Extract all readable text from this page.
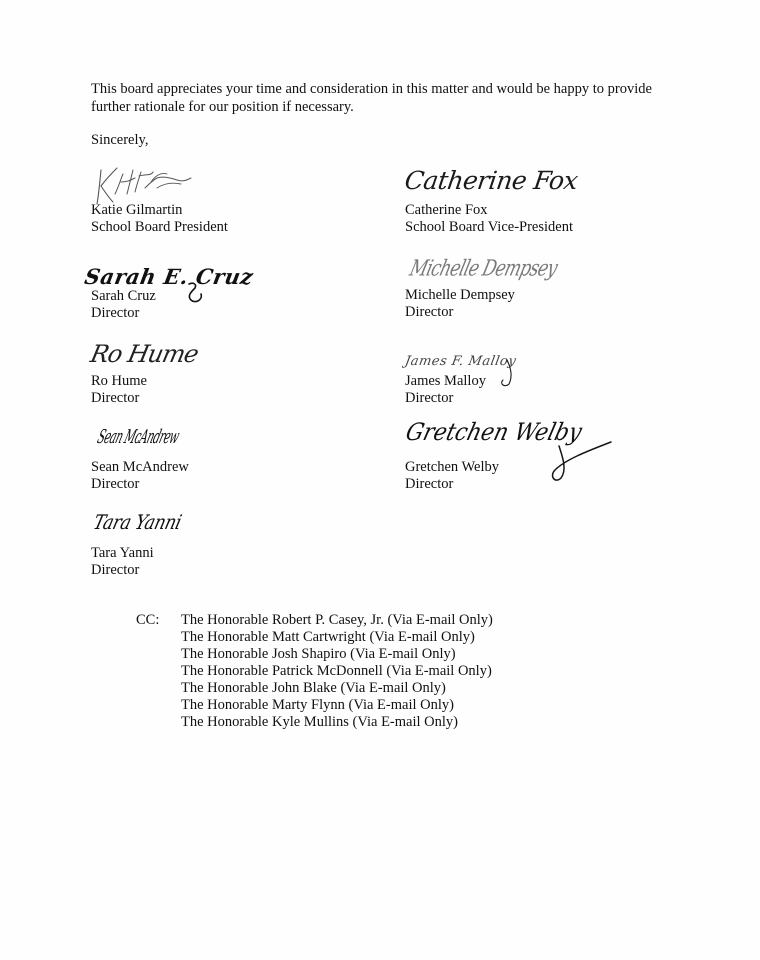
This board appreciates your time and consideration in this matter and would be happy to provide further rationale for our position if necessary.

Sincerely,
Katie Gilmartin
School Board President
Catherine Fox
Catherine Fox
School Board Vice-President
Sarah E. Cruz
Sarah Cruz
Director
Michelle Dempsey
Michelle Dempsey
Director
Ro Hume
Ro Hume
Director
James F. Malloy
James Malloy
Director
Sean McAndrew
Sean McAndrew
Director
Gretchen Welby
Gretchen Welby
Director
Tara Yanni
Tara Yanni
Director
CC:	The Honorable Robert P. Casey, Jr. (Via E-mail Only)
The Honorable Matt Cartwright (Via E-mail Only)
The Honorable Josh Shapiro (Via E-mail Only)
The Honorable Patrick McDonnell (Via E-mail Only)
The Honorable John Blake (Via E-mail Only)
The Honorable Marty Flynn (Via E-mail Only)
The Honorable Kyle Mullins (Via E-mail Only)
